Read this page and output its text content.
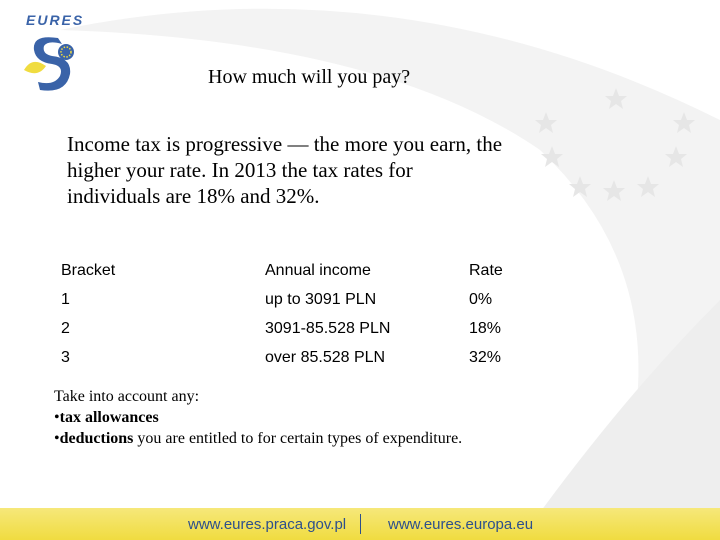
EURES
How much will you pay?
Income tax is progressive — the more you earn, the higher your rate. In 2013 the tax rates for individuals are 18% and 32%.
Bracket	Annual income	Rate
1	up to 3091 PLN	0%
2	3091-85.528 PLN	18%
3	over 85.528 PLN	32%
Take into account any:
•tax allowances
•deductions you are entitled to for certain types of expenditure.
www.eures.praca.gov.pl	www.eures.europa.eu
